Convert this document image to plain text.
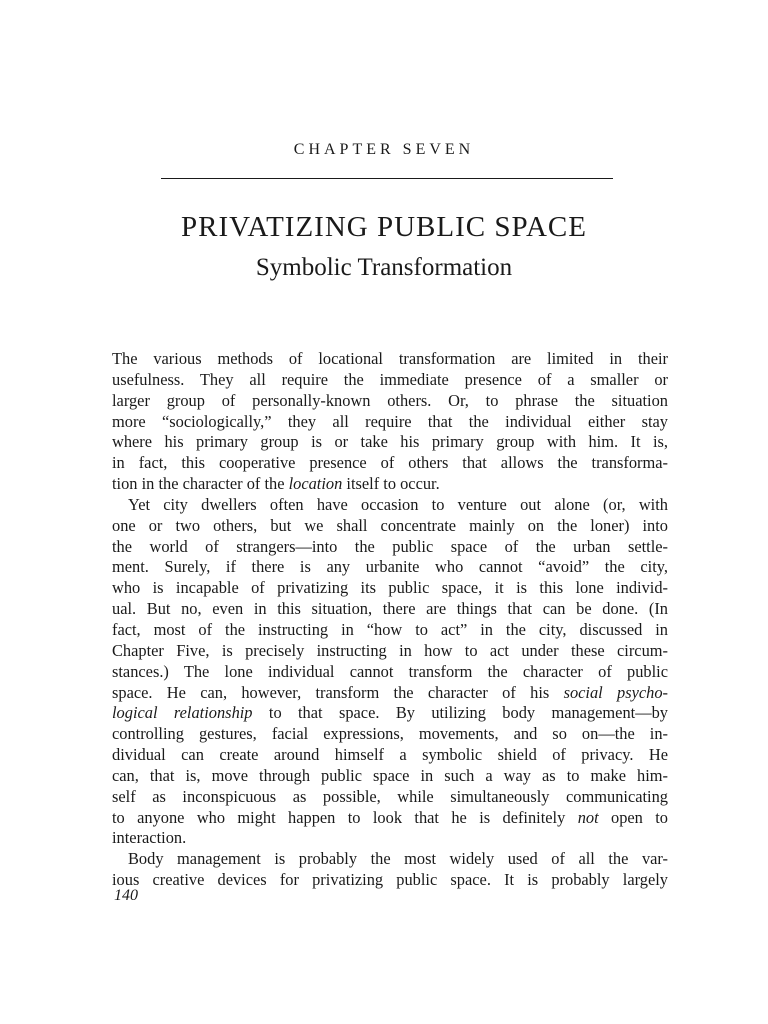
CHAPTER SEVEN
PRIVATIZING PUBLIC SPACE
Symbolic Transformation
The various methods of locational transformation are limited in their
usefulness. They all require the immediate presence of a smaller or
larger group of personally-known others. Or, to phrase the situation
more “sociologically,” they all require that the individual either stay
where his primary group is or take his primary group with him. It is,
in fact, this cooperative presence of others that allows the transforma-
tion in the character of the location itself to occur.
Yet city dwellers often have occasion to venture out alone (or, with
one or two others, but we shall concentrate mainly on the loner) into
the world of strangers—into the public space of the urban settle-
ment. Surely, if there is any urbanite who cannot “avoid” the city,
who is incapable of privatizing its public space, it is this lone individ-
ual. But no, even in this situation, there are things that can be done. (In
fact, most of the instructing in “how to act” in the city, discussed in
Chapter Five, is precisely instructing in how to act under these circum-
stances.) The lone individual cannot transform the character of public
space. He can, however, transform the character of his social psycho-
logical relationship to that space. By utilizing body management—by
controlling gestures, facial expressions, movements, and so on—the in-
dividual can create around himself a symbolic shield of privacy. He
can, that is, move through public space in such a way as to make him-
self as inconspicuous as possible, while simultaneously communicating
to anyone who might happen to look that he is definitely not open to
interaction.
Body management is probably the most widely used of all the var-
ious creative devices for privatizing public space. It is probably largely
140
